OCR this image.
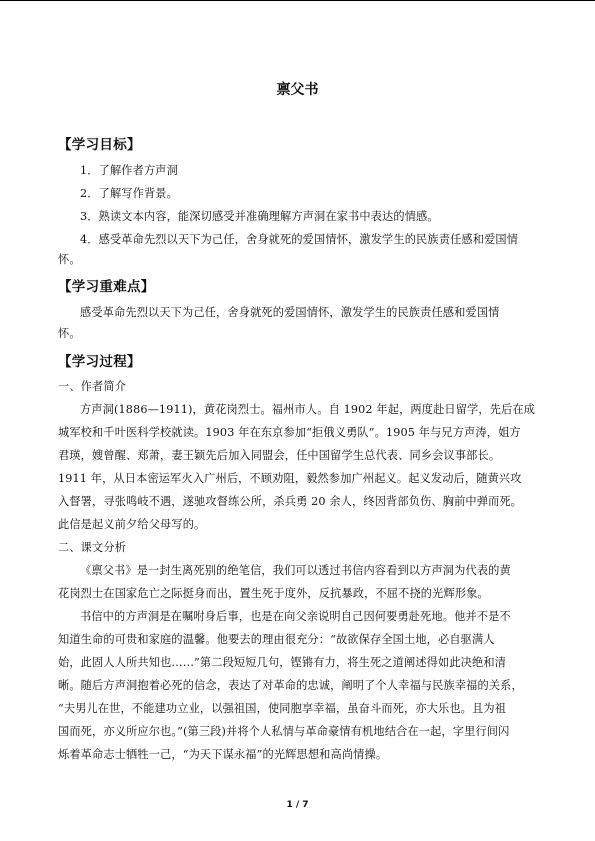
禀父书
【学习目标】
1．了解作者方声洞
2．了解写作背景。
3．熟读文本内容，能深切感受并准确理解方声洞在家书中表达的情感。
4．感受革命先烈以天下为己任，舍身就死的爱国情怀，激发学生的民族责任感和爱国情
怀。
【学习重难点】
感受革命先烈以天下为己任，舍身就死的爱国情怀，激发学生的民族责任感和爱国情
怀。
【学习过程】
一、作者简介
方声洞(1886—1911)，黄花岗烈士。福州市人。自 1902 年起，两度赴日留学，先后在成
城军校和千叶医科学校就读。1903 年在东京参加“拒俄义勇队”。1905 年与兄方声涛，姐方
君瑛，嫂曾醒、郑萧，妻王颖先后加入同盟会，任中国留学生总代表、同乡会议事部长。
1911 年，从日本密运军火入广州后，不顾劝阻，毅然参加广州起义。起义发动后，随黄兴攻
入督署，寻张鸣岐不遇，遂驰攻督练公所，杀兵勇 20 余人，终因背部负伤、胸前中弹而死。
此信是起义前夕给父母写的。
二、课文分析
《禀父书》是一封生离死别的绝笔信，我们可以透过书信内容看到以方声洞为代表的黄
花岗烈士在国家危亡之际挺身而出，置生死于度外，反抗暴政，不屈不挠的光辉形象。
书信中的方声洞是在嘱咐身后事，也是在向父亲说明自己因何要勇赴死地。他并不是不
知道生命的可贵和家庭的温馨。他要去的理由很充分：“故欲保存全国土地，必自驱满人
始，此固人人所共知也……”第二段短短几句，铿锵有力，将生死之道阐述得如此决绝和清
晰。随后方声洞抱着必死的信念，表达了对革命的忠诚，阐明了个人幸福与民族幸福的关系，
“夫男儿在世，不能建功立业，以强祖国，使同胞享幸福，虽奋斗而死，亦大乐也。且为祖
国而死，亦义所应尔也。”(第三段)并将个人私情与革命豪情有机地结合在一起，字里行间闪
烁着革命志士牺牲一己，“为天下谋永福”的光辉思想和高尚情操。
1 / 7
